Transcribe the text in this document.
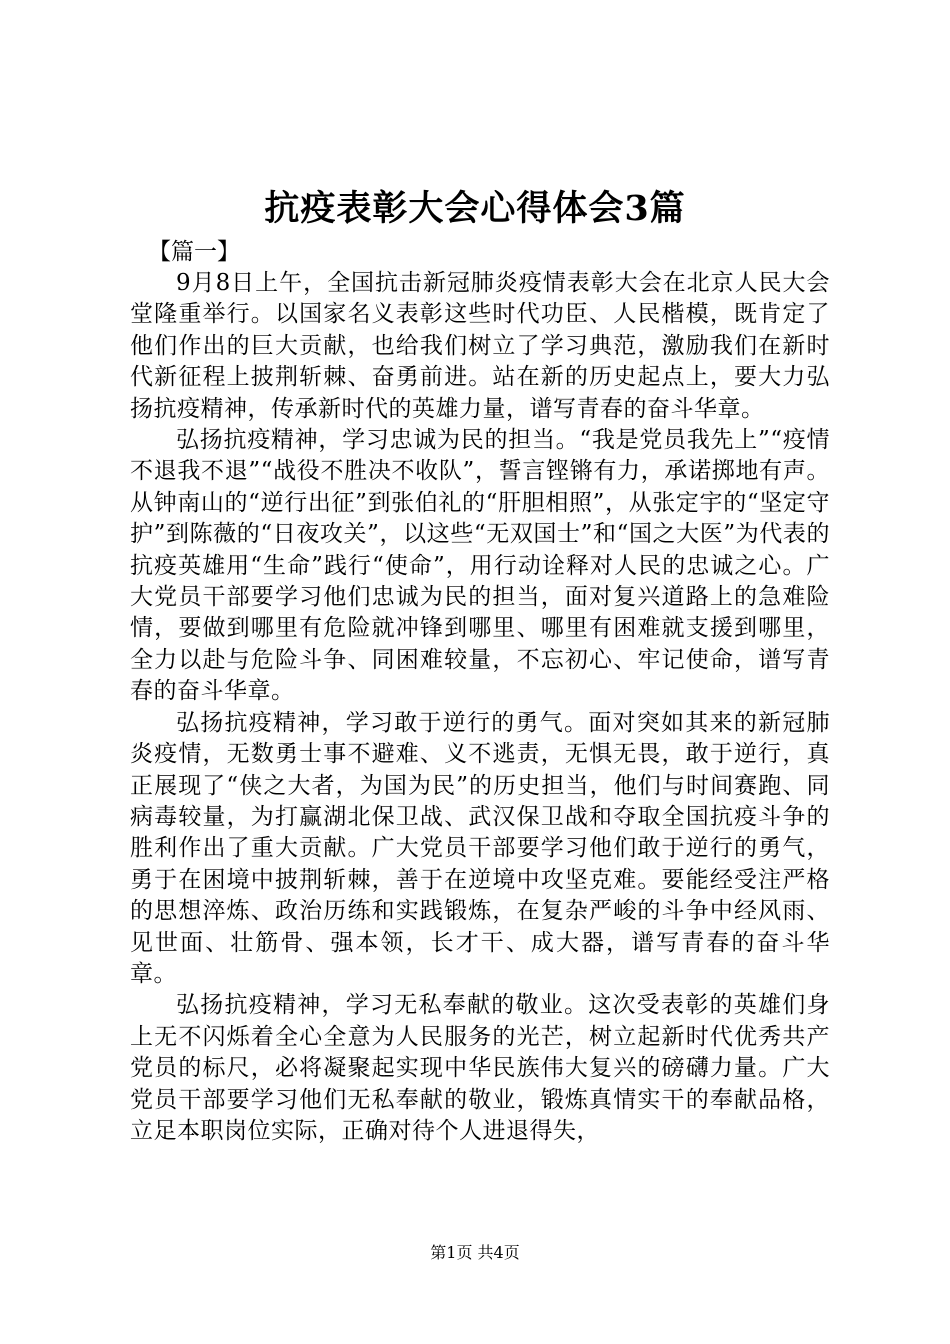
抗疫表彰大会心得体会3篇
【篇一】

9月8日上午，全国抗击新冠肺炎疫情表彰大会在北京人民大会堂隆重举行。以国家名义表彰这些时代功臣、人民楷模，既肯定了他们作出的巨大贡献，也给我们树立了学习典范，激励我们在新时代新征程上披荆斩棘、奋勇前进。站在新的历史起点上，要大力弘扬抗疫精神，传承新时代的英雄力量，谱写青春的奋斗华章。

弘扬抗疫精神，学习忠诚为民的担当。“我是党员我先上”“疫情不退我不退”“战役不胜决不收队”，誓言铿锵有力，承诺掷地有声。从钟南山的“逆行出征”到张伯礼的“肝胆相照”，从张定宇的“坚定守护”到陈薇的“日夜攻关”，以这些“无双国士”和“国之大医”为代表的抗疫英雄用“生命”践行“使命”，用行动诠释对人民的忠诚之心。广大党员干部要学习他们忠诚为民的担当，面对复兴道路上的急难险情，要做到哪里有危险就冲锋到哪里、哪里有困难就支援到哪里，全力以赴与危险斗争、同困难较量，不忘初心、牢记使命，谱写青春的奋斗华章。

弘扬抗疫精神，学习敢于逆行的勇气。面对突如其来的新冠肺炎疫情，无数勇士事不避难、义不逃责，无惧无畏，敢于逆行，真正展现了“侠之大者，为国为民”的历史担当，他们与时间赛跑、同病毒较量，为打赢湖北保卫战、武汉保卫战和夺取全国抗疫斗争的胜利作出了重大贡献。广大党员干部要学习他们敢于逆行的勇气，勇于在困境中披荆斩棘，善于在逆境中攻坚克难。要能经受注严格的思想淬炼、政治历练和实践锻炼，在复杂严峻的斗争中经风雨、见世面、壮筋骨、强本领，长才干、成大器，谱写青春的奋斗华章。

弘扬抗疫精神，学习无私奉献的敬业。这次受表彰的英雄们身上无不闪烁着全心全意为人民服务的光芒，树立起新时代优秀共产党员的标尺，必将凝聚起实现中华民族伟大复兴的磅礴力量。广大党员干部要学习他们无私奉献的敬业，锻炼真情实干的奉献品格，立足本职岗位实际，正确对待个人进退得失，

第1页 共4页
